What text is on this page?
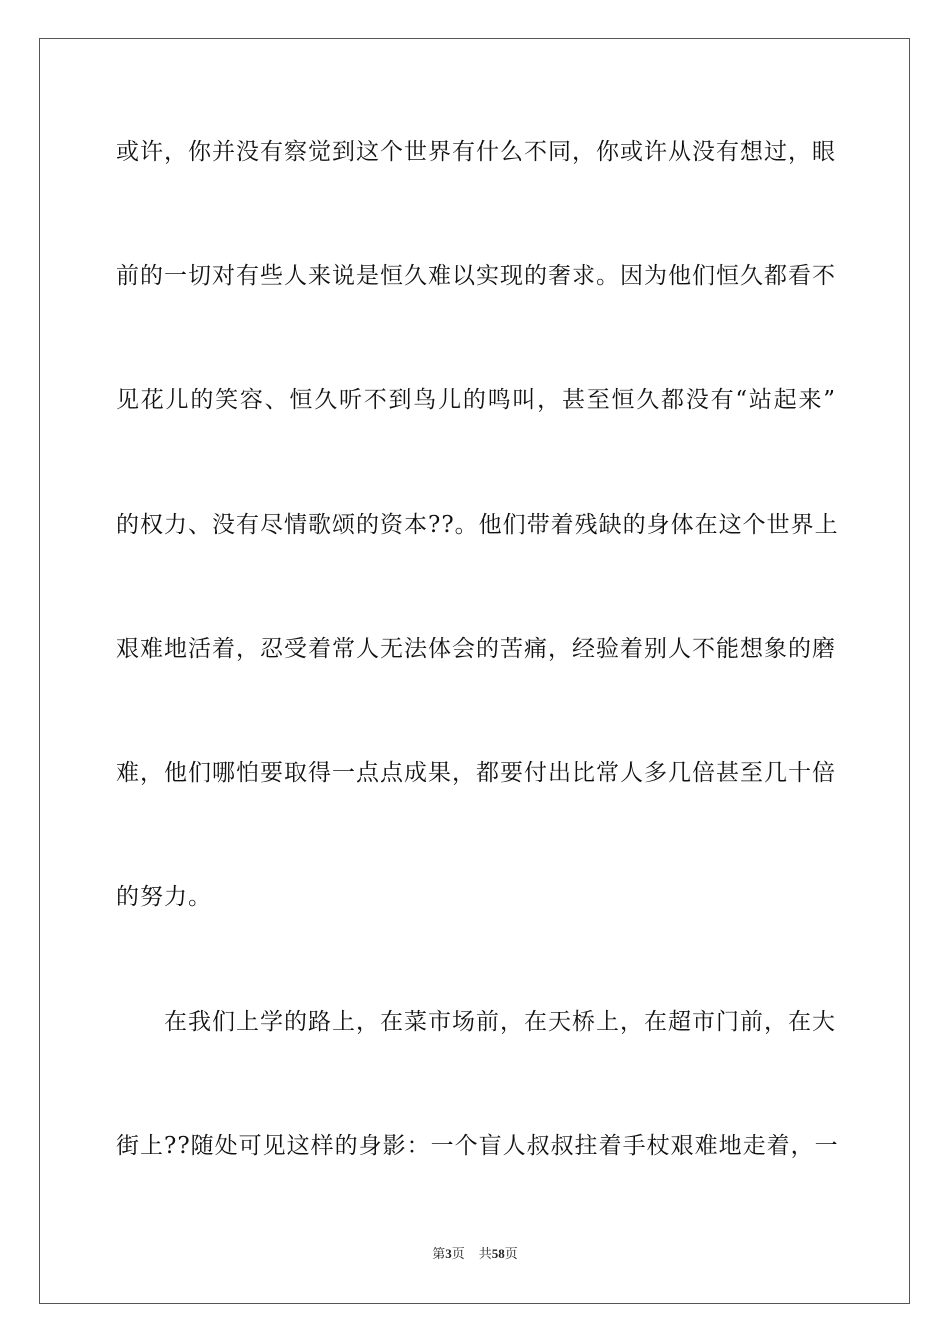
或许，你并没有察觉到这个世界有什么不同，你或许从没有想过，眼
前的一切对有些人来说是恒久难以实现的奢求。因为他们恒久都看不
见花儿的笑容、恒久听不到鸟儿的鸣叫，甚至恒久都没有“站起来”
的权力、没有尽情歌颂的资本??。他们带着残缺的身体在这个世界上
艰难地活着，忍受着常人无法体会的苦痛，经验着别人不能想象的磨
难，他们哪怕要取得一点点成果，都要付出比常人多几倍甚至几十倍
的努力。
在我们上学的路上，在菜市场前，在天桥上，在超市门前，在大
街上??随处可见这样的身影：一个盲人叔叔拄着手杖艰难地走着，一
第3页 共58页
